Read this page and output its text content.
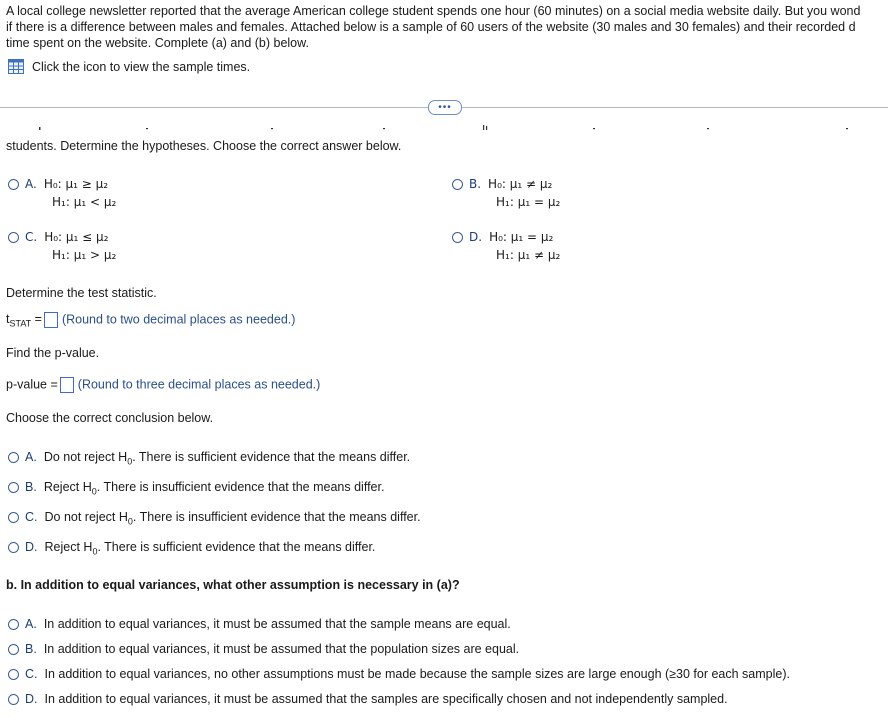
A local college newsletter reported that the average American college student spends one hour (60 minutes) on a social media website daily. But you wond
if there is a difference between males and females. Attached below is a sample of 60 users of the website (30 males and 30 females) and their recorded d
time spent on the website. Complete (a) and (b) below.
Click the icon to view the sample times.
•••
students. Determine the hypotheses. Choose the correct answer below.
A. H₀: μ₁ ≥ μ₂
H₁: μ₁ < μ₂
B. H₀: μ₁ ≠ μ₂
H₁: μ₁ = μ₂
C. H₀: μ₁ ≤ μ₂
H₁: μ₁ > μ₂
D. H₀: μ₁ = μ₂
H₁: μ₁ ≠ μ₂
Determine the test statistic.
$t_{STAT}$ = (Round to two decimal places as needed.)
Find the p-value.
p-value = (Round to three decimal places as needed.)
Choose the correct conclusion below.
A. Do not reject $H_0$. There is sufficient evidence that the means differ.
B. Reject $H_0$. There is insufficient evidence that the means differ.
C. Do not reject $H_0$. There is insufficient evidence that the means differ.
D. Reject $H_0$. There is sufficient evidence that the means differ.
b. In addition to equal variances, what other assumption is necessary in (a)?
A. In addition to equal variances, it must be assumed that the sample means are equal.
B. In addition to equal variances, it must be assumed that the population sizes are equal.
C. In addition to equal variances, no other assumptions must be made because the sample sizes are large enough (≥30 for each sample).
D. In addition to equal variances, it must be assumed that the samples are specifically chosen and not independently sampled.
